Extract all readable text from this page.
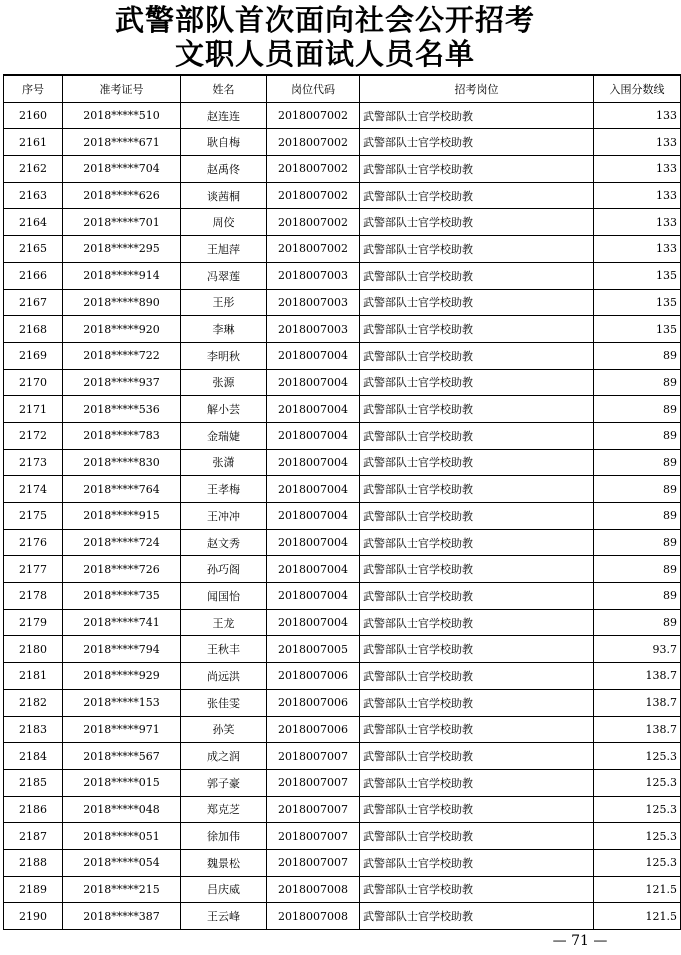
武警部队首次面向社会公开招考
文职人员面试人员名单
序号	准考证号	姓名	岗位代码	招考岗位	入围分数线
2160	2018*****510	赵连连	2018007002	武警部队士官学校助教	133
2161	2018*****671	耿自梅	2018007002	武警部队士官学校助教	133
2162	2018*****704	赵禹佟	2018007002	武警部队士官学校助教	133
2163	2018*****626	谈茜桐	2018007002	武警部队士官学校助教	133
2164	2018*****701	周佼	2018007002	武警部队士官学校助教	133
2165	2018*****295	王旭萍	2018007002	武警部队士官学校助教	133
2166	2018*****914	冯翠莲	2018007003	武警部队士官学校助教	135
2167	2018*****890	王彤	2018007003	武警部队士官学校助教	135
2168	2018*****920	李琳	2018007003	武警部队士官学校助教	135
2169	2018*****722	李明秋	2018007004	武警部队士官学校助教	89
2170	2018*****937	张源	2018007004	武警部队士官学校助教	89
2171	2018*****536	解小芸	2018007004	武警部队士官学校助教	89
2172	2018*****783	金瑞婕	2018007004	武警部队士官学校助教	89
2173	2018*****830	张潇	2018007004	武警部队士官学校助教	89
2174	2018*****764	王孝梅	2018007004	武警部队士官学校助教	89
2175	2018*****915	王冲冲	2018007004	武警部队士官学校助教	89
2176	2018*****724	赵文秀	2018007004	武警部队士官学校助教	89
2177	2018*****726	孙巧阁	2018007004	武警部队士官学校助教	89
2178	2018*****735	闻国怡	2018007004	武警部队士官学校助教	89
2179	2018*****741	王龙	2018007004	武警部队士官学校助教	89
2180	2018*****794	王秋丰	2018007005	武警部队士官学校助教	93.7
2181	2018*****929	尚远洪	2018007006	武警部队士官学校助教	138.7
2182	2018*****153	张佳雯	2018007006	武警部队士官学校助教	138.7
2183	2018*****971	孙笑	2018007006	武警部队士官学校助教	138.7
2184	2018*****567	成之润	2018007007	武警部队士官学校助教	125.3
2185	2018*****015	郭子豪	2018007007	武警部队士官学校助教	125.3
2186	2018*****048	郑克芝	2018007007	武警部队士官学校助教	125.3
2187	2018*****051	徐加伟	2018007007	武警部队士官学校助教	125.3
2188	2018*****054	魏景松	2018007007	武警部队士官学校助教	125.3
2189	2018*****215	吕庆威	2018007008	武警部队士官学校助教	121.5
2190	2018*****387	王云峰	2018007008	武警部队士官学校助教	121.5
— 71 —
